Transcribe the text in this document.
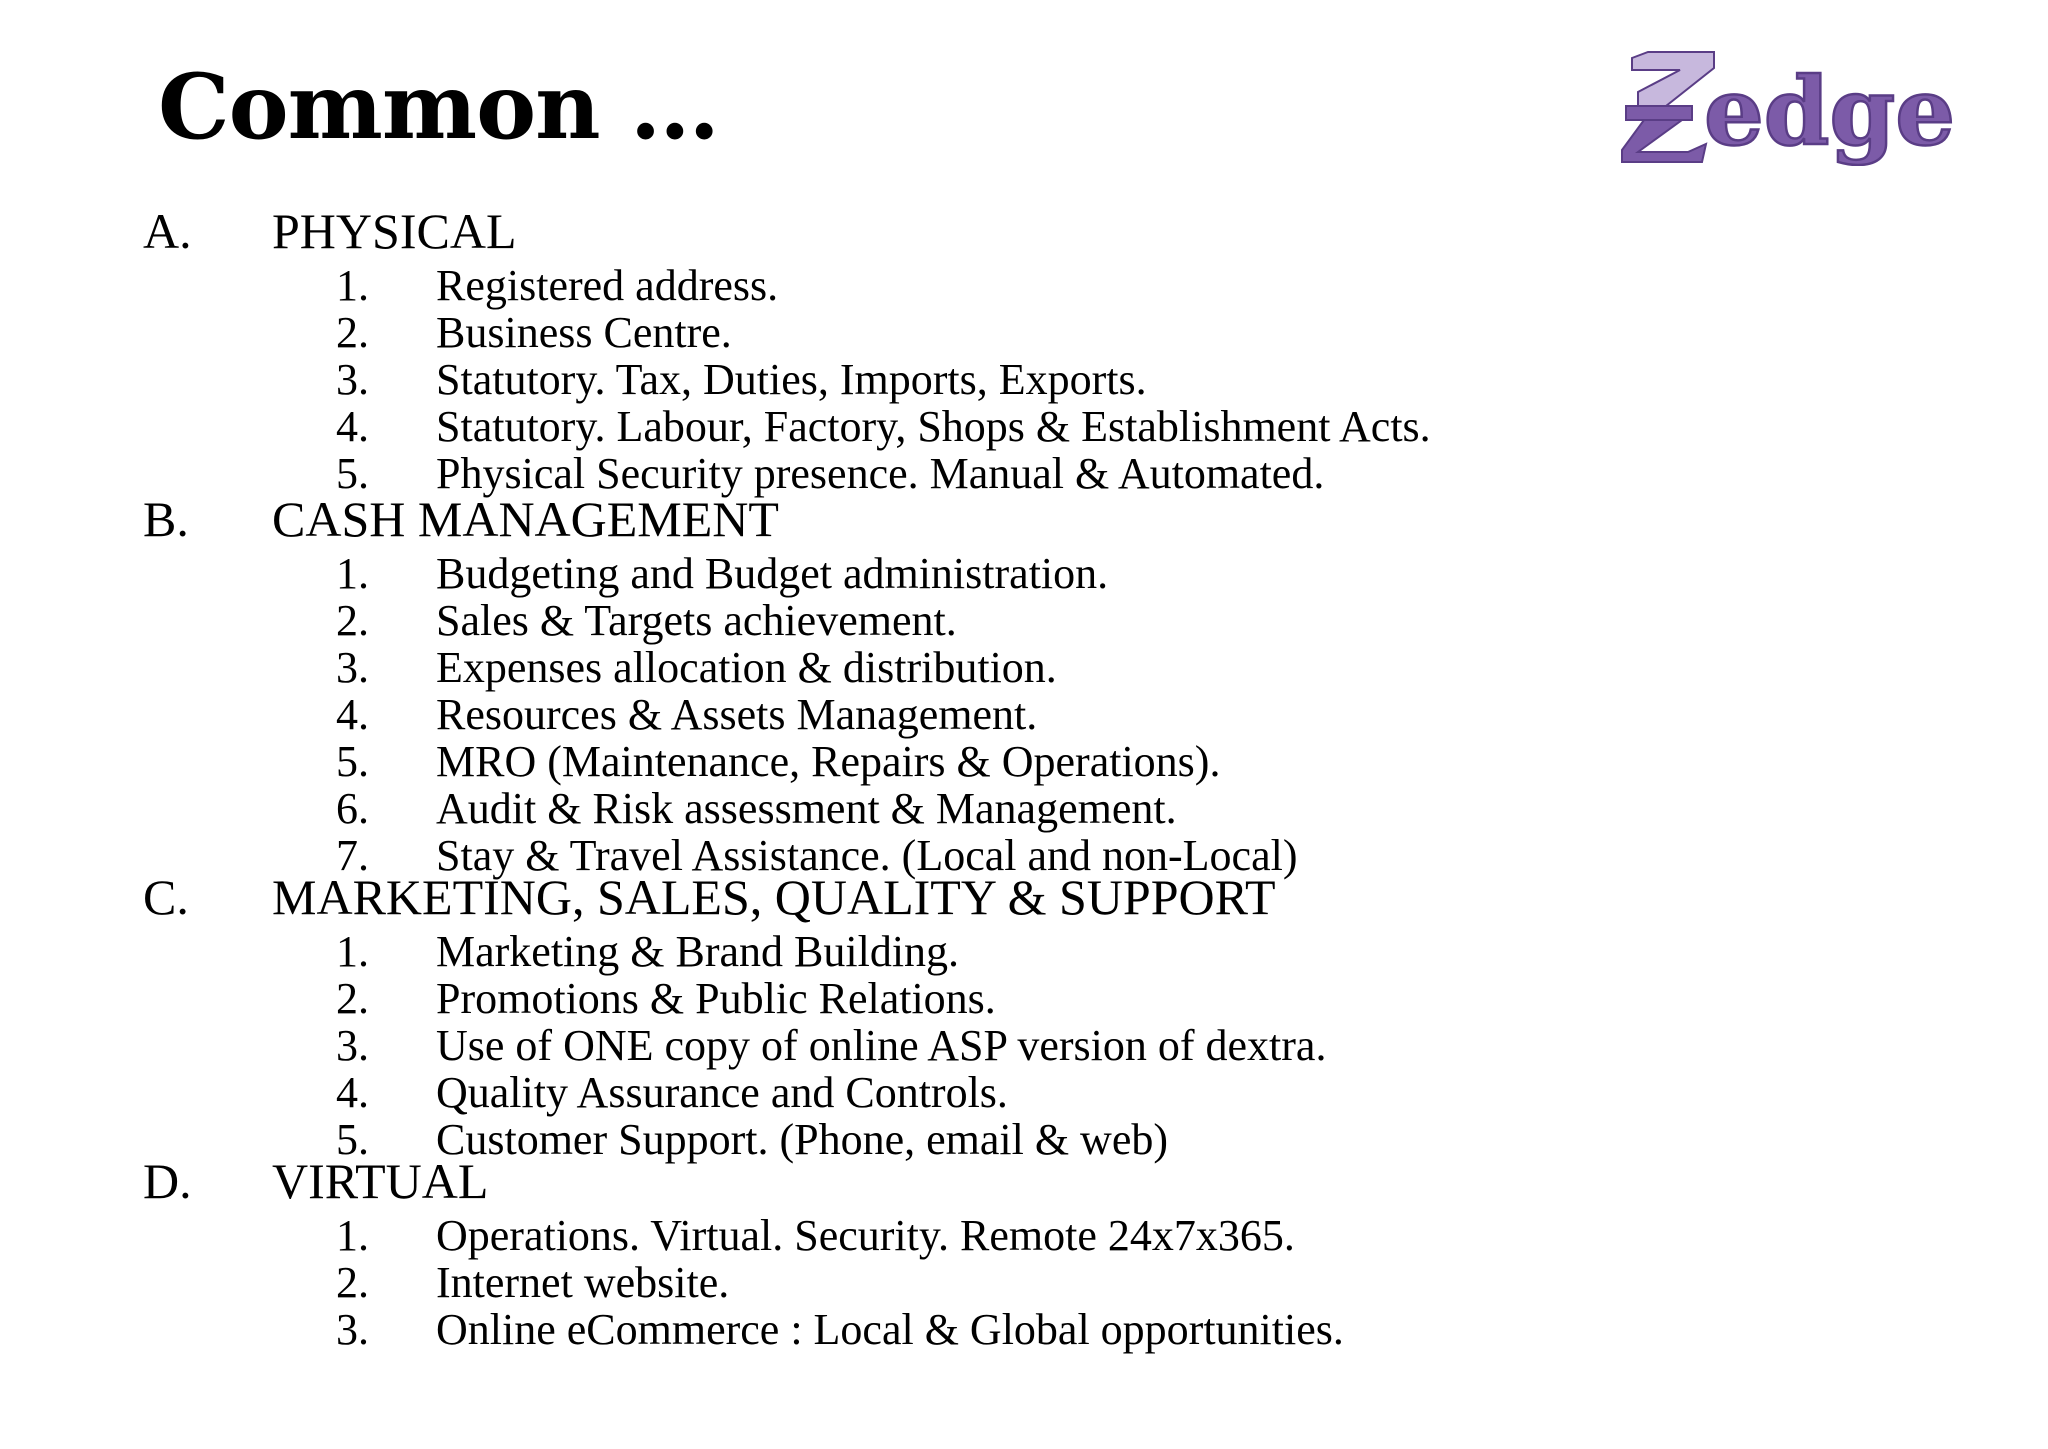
Common …	edge
A. PHYSICAL
1. Registered address.
2. Business Centre.
3. Statutory. Tax, Duties, Imports, Exports.
4. Statutory. Labour, Factory, Shops & Establishment Acts.
5. Physical Security presence. Manual & Automated.
B. CASH MANAGEMENT
1. Budgeting and Budget administration.
2. Sales & Targets achievement.
3. Expenses allocation & distribution.
4. Resources & Assets Management.
5. MRO (Maintenance, Repairs & Operations).
6. Audit & Risk assessment & Management.
7. Stay & Travel Assistance. (Local and non-Local)
C. MARKETING, SALES, QUALITY & SUPPORT
1. Marketing & Brand Building.
2. Promotions & Public Relations.
3. Use of ONE copy of online ASP version of dextra.
4. Quality Assurance and Controls.
5. Customer Support. (Phone, email & web)
D. VIRTUAL
1. Operations. Virtual. Security. Remote 24x7x365.
2. Internet website.
3. Online eCommerce : Local & Global opportunities.
